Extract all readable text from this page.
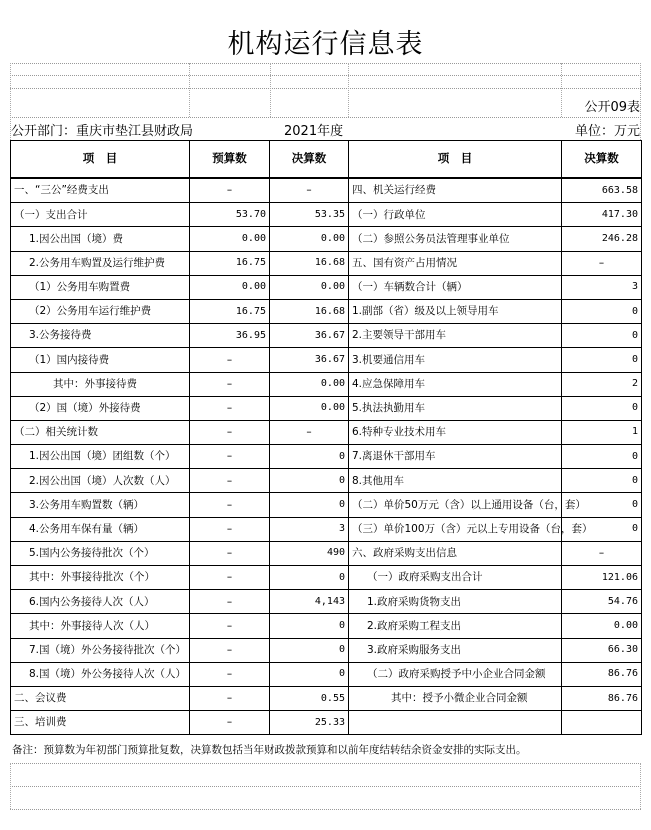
机构运行信息表
公开09表
公开部门：重庆市垫江县财政局	2021年度	单位：万元
项　目	预算数	决算数	项　目	决算数
一、“三公”经费支出	–	–	四、机关运行经费	663.58
（一）支出合计	53.70	53.35	（一）行政单位	417.30
1.因公出国（境）费	0.00	0.00	（二）参照公务员法管理事业单位	246.28
2.公务用车购置及运行维护费	16.75	16.68	五、国有资产占用情况	–
（1）公务用车购置费	0.00	0.00	（一）车辆数合计（辆）	3
（2）公务用车运行维护费	16.75	16.68	1.副部（省）级及以上领导用车	0
3.公务接待费	36.95	36.67	2.主要领导干部用车	0
（1）国内接待费	–	36.67	3.机要通信用车	0
其中：外事接待费	–	0.00	4.应急保障用车	2
（2）国（境）外接待费	–	0.00	5.执法执勤用车	0
（二）相关统计数	–	–	6.特种专业技术用车	1
1.因公出国（境）团组数（个）	–	0	7.离退休干部用车	0
2.因公出国（境）人次数（人）	–	0	8.其他用车	0
3.公务用车购置数（辆）	–	0	（二）单价50万元（含）以上通用设备（台，套）	0
4.公务用车保有量（辆）	–	3	（三）单价100万（含）元以上专用设备（台，套）	0
5.国内公务接待批次（个）	–	490	六、政府采购支出信息	–
其中：外事接待批次（个）	–	0	（一）政府采购支出合计	121.06
6.国内公务接待人次（人）	–	4,143	1.政府采购货物支出	54.76
其中：外事接待人次（人）	–	0	2.政府采购工程支出	0.00
7.国（境）外公务接待批次（个）	–	0	3.政府采购服务支出	66.30
8.国（境）外公务接待人次（人）	–	0	（二）政府采购授予中小企业合同金额	86.76
二、会议费	–	0.55	其中：授予小微企业合同金额	86.76
三、培训费	–	25.33		
备注：预算数为年初部门预算批复数，决算数包括当年财政拨款预算和以前年度结转结余资金安排的实际支出。
